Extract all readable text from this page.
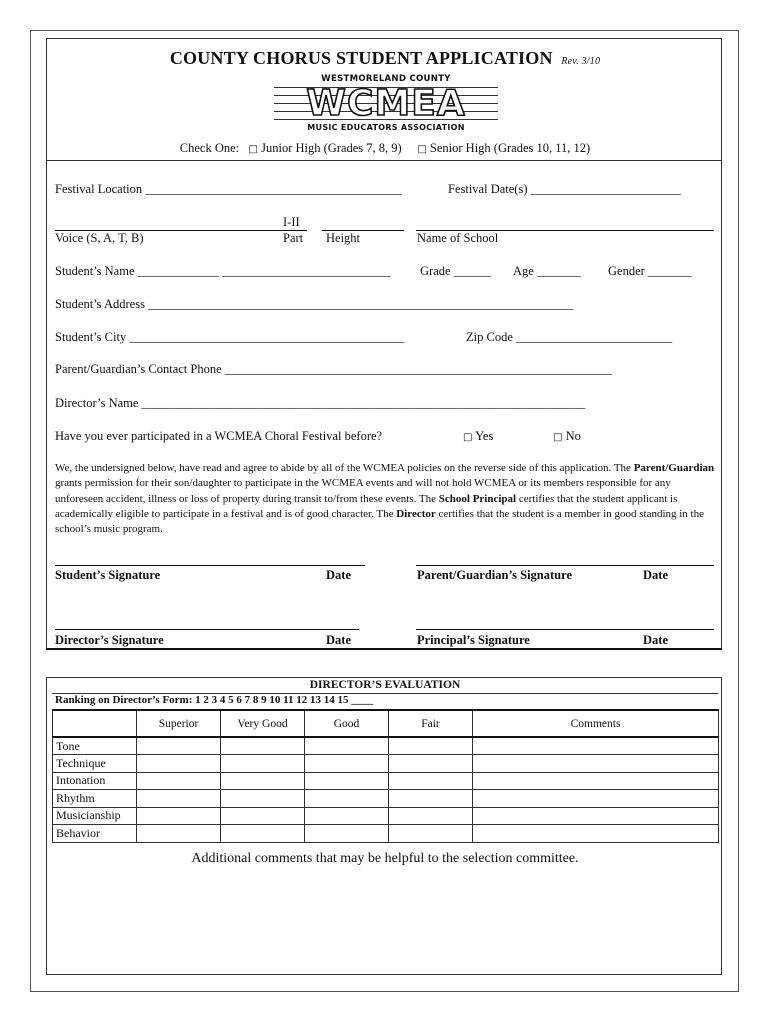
COUNTY CHORUS STUDENT APPLICATION Rev. 3/10
WESTMORELAND COUNTY
WCMEA
MUSIC EDUCATORS ASSOCIATION
Check One: □ Junior High (Grades 7, 8, 9) □ Senior High (Grades 10, 11, 12)
Festival Location _________________________________________	Festival Date(s) ________________________
I-II
Voice (S, A, T, B)	Part Height	Name of School
Student’s Name _____________ ___________________________ Grade ______ Age _______ Gender _______
Student’s Address ____________________________________________________________________
Student’s City ____________________________________________	Zip Code _________________________
Parent/Guardian’s Contact Phone ______________________________________________________________
Director’s Name _______________________________________________________________________
Have you ever participated in a WCMEA Choral Festival before?	□ Yes	□ No
We, the undersigned below, have read and agree to abide by all of the WCMEA policies on the reverse side of this application. The Parent/Guardian grants permission for their son/daughter to participate in the WCMEA events and will not hold WCMEA or its members responsible for any unforeseen accident, illness or loss of property during transit to/from these events. The School Principal certifies that the student applicant is academically eligible to participate in a festival and is of good character. The Director certifies that the student is a member in good standing in the school’s music program.
Student’s Signature	Date	Parent/Guardian’s Signature	Date
Director’s Signature	Date	Principal’s Signature	Date
DIRECTOR’S EVALUATION
Ranking on Director’s Form: 1 2 3 4 5 6 7 8 9 10 11 12 13 14 15 ____
	Superior	Very Good	Good	Fair	Comments
Tone					
Technique					
Intonation					
Rhythm					
Musicianship					
Behavior					
Additional comments that may be helpful to the selection committee.
